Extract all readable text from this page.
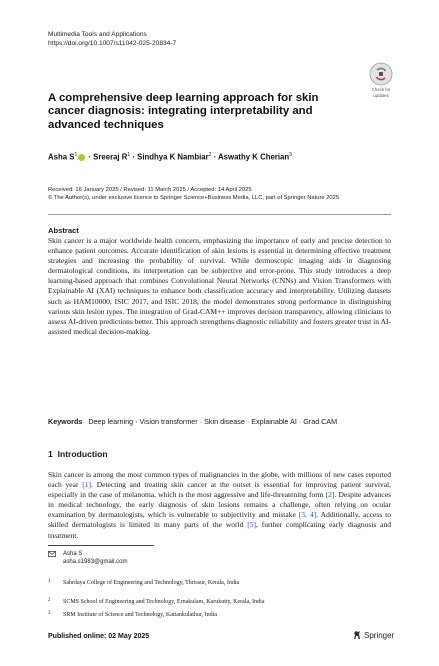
Multimedia Tools and Applications
https://doi.org/10.1007/s11042-025-20834-7
Check for
updates
A comprehensive deep learning approach for skin cancer diagnosis: integrating interpretability and advanced techniques
Asha $S^1$ · Sreeraj $R^1$ · Sindhya K Nambiar$^2$ · Aswathy K Cherian$^3$
Received: 16 January 2025 / Revised: 11 March 2025 / Accepted: 14 April 2025
© The Author(s), under exclusive licence to Springer Science+Business Media, LLC, part of Springer Nature 2025
Abstract
Skin cancer is a major worldwide health concern, emphasizing the importance of early and precise detection to enhance patient outcomes. Accurate identification of skin lesions is essential in determining effective treatment strategies and increasing the probability of survival. While dermoscopic imaging aids in diagnosing dermatological conditions, its interpretation can be subjective and error-prone. This study introduces a deep learning-based approach that combines Convolutional Neural Networks (CNNs) and Vision Transformers with Explainable AI (XAI) techniques to enhance both classification accuracy and interpretability. Utilizing datasets such as HAM10000, ISIC 2017, and ISIC 2018, the model demonstrates strong performance in distinguishing various skin lesion types. The integration of Grad-CAM++ improves decision transparency, allowing clinicians to assess AI-driven predictions better. This approach strengthens diagnostic reliability and fosters greater trust in AI-assisted medical decision-making.
Keywords Deep learning · Vision transformer · Skin disease · Explainable AI · Grad CAM
1 Introduction
Skin cancer is among the most common types of malignancies in the globe, with millions of new cases reported each year [1]. Detecting and treating skin cancer at the outset is essential for improving patient survival, especially in the case of melanoma, which is the most aggressive and life-threatening form [2]. Despite advances in medical technology, the early diagnosis of skin lesions remains a challenge, often relying on ocular examination by dermatologists, which is vulnerable to subjectivity and mistake [3, 4]. Additionally, access to skilled dermatologists is limited in many parts of the world [5], further complicating early diagnosis and treatment.
Asha S
asha.s1983@gmail.com
1 Sahrdaya College of Engineering and Technology, Thrissur, Kerala, India
2 SCMS School of Engineering and Technology, Ernakulam, Karukutty, Kerala, India
3 SRM Institute of Science and Technology, Kattankulathur, India
Published online: 02 May 2025	Springer
